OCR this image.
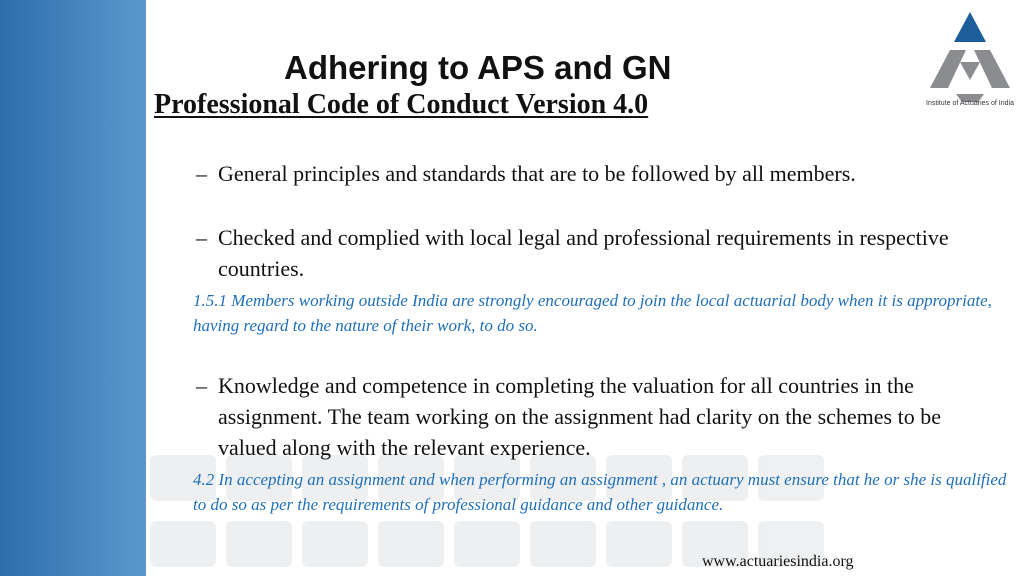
Adhering to APS and GN
Professional Code of Conduct Version 4.0	Institute of Actuaries of India
– General principles and standards that are to be followed by all members.
– Checked and complied with local legal and professional requirements in respective countries.
1.5.1 Members working outside India are strongly encouraged to join the local actuarial body when it is appropriate, having regard to the nature of their work, to do so.
– Knowledge and competence in completing the valuation for all countries in the assignment. The team working on the assignment had clarity on the schemes to be valued along with the relevant experience.
4.2 In accepting an assignment and when performing an assignment , an actuary must ensure that he or she is qualified to do so as per the requirements of professional guidance and other guidance.
www.actuariesindia.org
